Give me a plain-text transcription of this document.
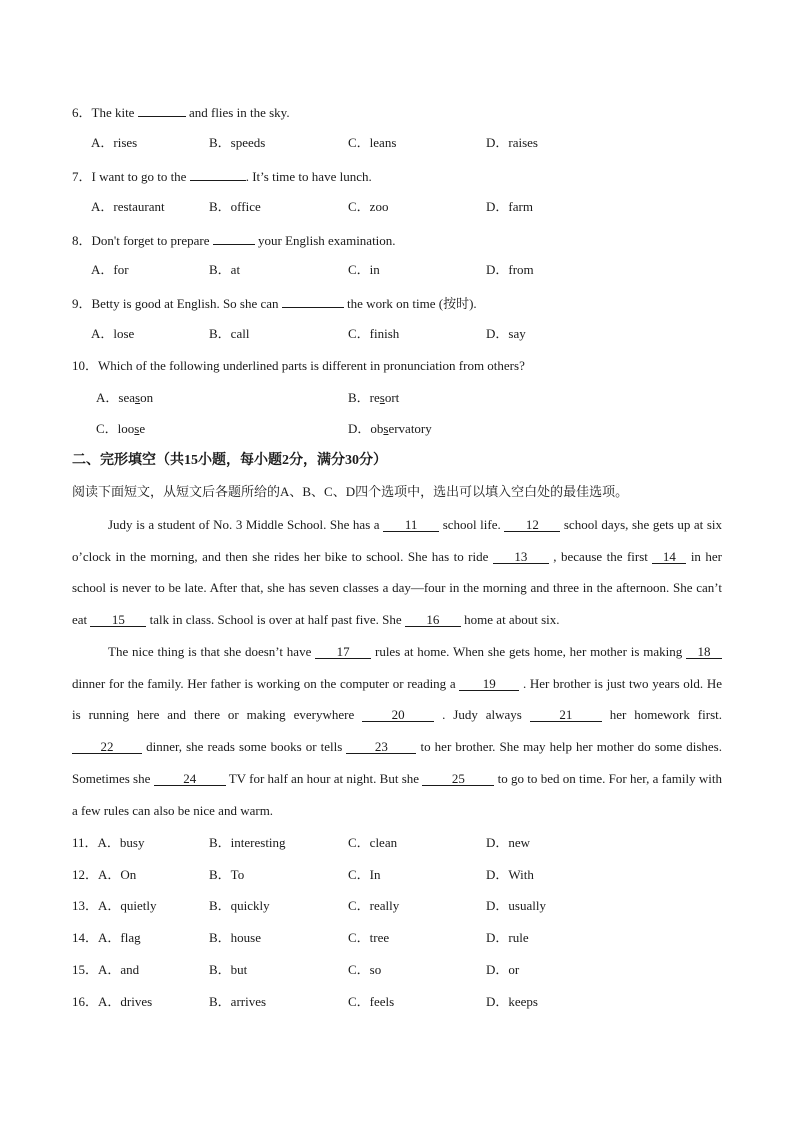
6．The kite	and flies in the sky.
A．rises	B．speeds	C．leans	D．raises
7．I want to go to the	. It’s time to have lunch.
A．restaurant	B．office	C．zoo	D．farm
8．Don't forget to prepare	your English examination.
A．for	B．at	C．in	D．from
9．Betty is good at English. So she can	the work on time (按时).
A．lose	B．call	C．finish	D．say
10．Which of the following underlined parts is different in pronunciation from others?
A．season	B．resort
C．loose	D．observatory
二、完形填空（共15小题，每小题2分，满分30分）
阅读下面短文，从短文后各题所给的A、B、C、D四个选项中，选出可以填入空白处的最佳选项。
Judy is a student of No. 3 Middle School. She has a 11 school life. 12 school days, she gets up at six o’clock in the morning, and then she rides her bike to school. She has to ride 13 , because the first 14 in her school is never to be late. After that, she has seven classes a day—four in the morning and three in the afternoon. She can’t eat 15 talk in class. School is over at half past five. She 16 home at about six.
The nice thing is that she doesn’t have 17 rules at home. When she gets home, her mother is making 18 dinner for the family. Her father is working on the computer or reading a 19 . Her brother is just two years old. He is running here and there or making everywhere 20 . Judy always 21 her homework first. 22 dinner, she reads some books or tells 23 to her brother. She may help her mother do some dishes. Sometimes she 24 TV for half an hour at night. But she 25 to go to bed on time. For her, a family with a few rules can also be nice and warm.
11．A．busy	B．interesting	C．clean	D．new
12．A．On	B．To	C．In	D．With
13．A．quietly	B．quickly	C．really	D．usually
14．A．flag	B．house	C．tree	D．rule
15．A．and	B．but	C．so	D．or
16．A．drives	B．arrives	C．feels	D．keeps
